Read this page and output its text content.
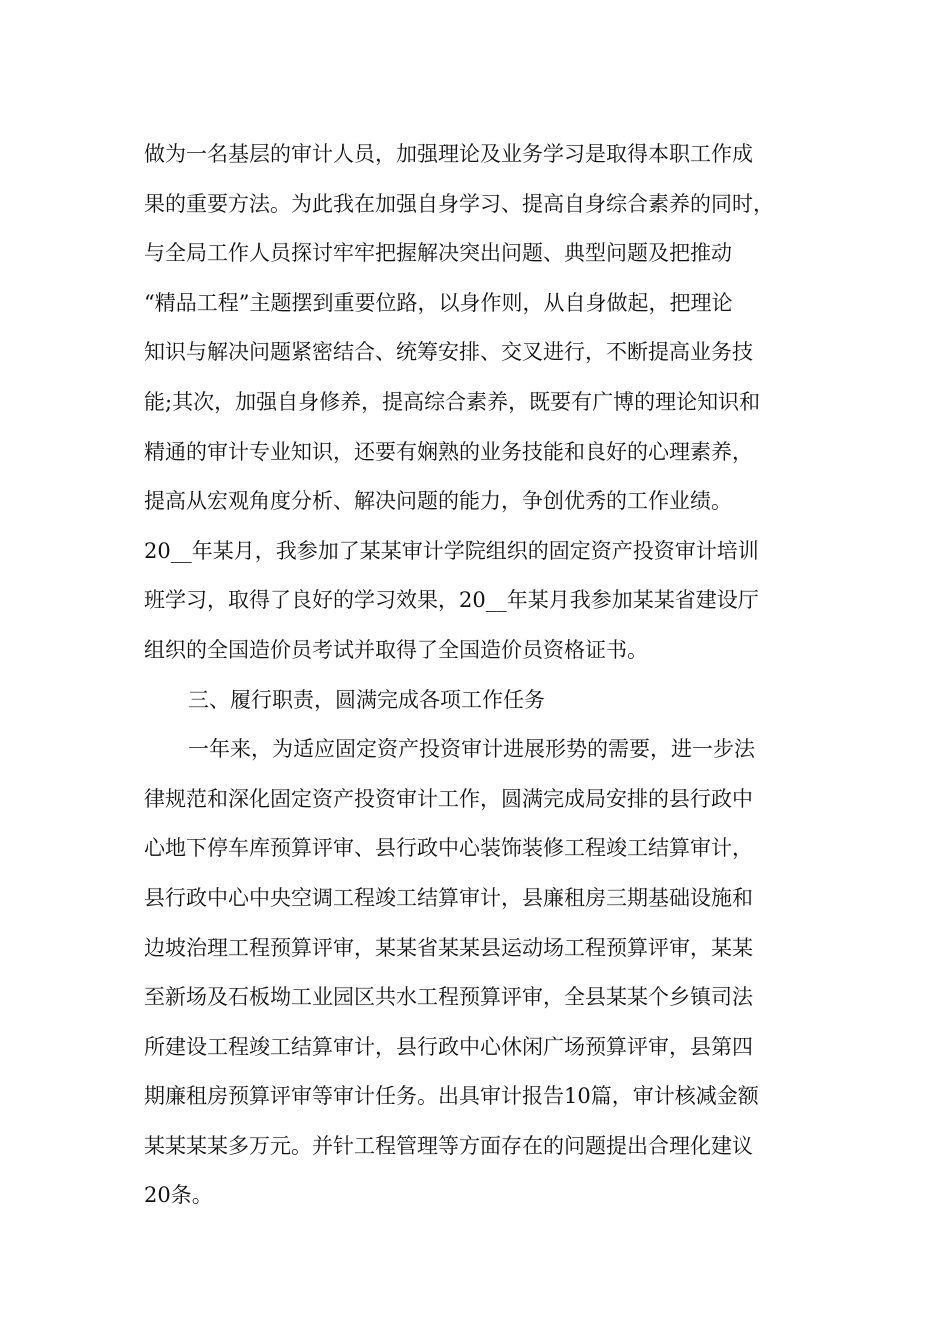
做为一名基层的审计人员，加强理论及业务学习是取得本职工作成
果的重要方法。为此我在加强自身学习、提高自身综合素养的同时，
与全局工作人员探讨牢牢把握解决突出问题、典型问题及把推动
“精品工程”主题摆到重要位路，以身作则，从自身做起，把理论
知识与解决问题紧密结合、统筹安排、交叉进行，不断提高业务技
能;其次，加强自身修养，提高综合素养，既要有广博的理论知识和
精通的审计专业知识，还要有娴熟的业务技能和良好的心理素养，
提高从宏观角度分析、解决问题的能力，争创优秀的工作业绩。
20__年某月，我参加了某某审计学院组织的固定资产投资审计培训
班学习，取得了良好的学习效果，20__年某月我参加某某省建设厅
组织的全国造价员考试并取得了全国造价员资格证书。
三、履行职责，圆满完成各项工作任务
一年来，为适应固定资产投资审计进展形势的需要，进一步法
律规范和深化固定资产投资审计工作，圆满完成局安排的县行政中
心地下停车库预算评审、县行政中心装饰装修工程竣工结算审计，
县行政中心中央空调工程竣工结算审计，县廉租房三期基础设施和
边坡治理工程预算评审，某某省某某县运动场工程预算评审，某某
至新场及石板坳工业园区共水工程预算评审，全县某某个乡镇司法
所建设工程竣工结算审计，县行政中心休闲广场预算评审，县第四
期廉租房预算评审等审计任务。出具审计报告10篇，审计核减金额
某某某某多万元。并针工程管理等方面存在的问题提出合理化建议
20条。
